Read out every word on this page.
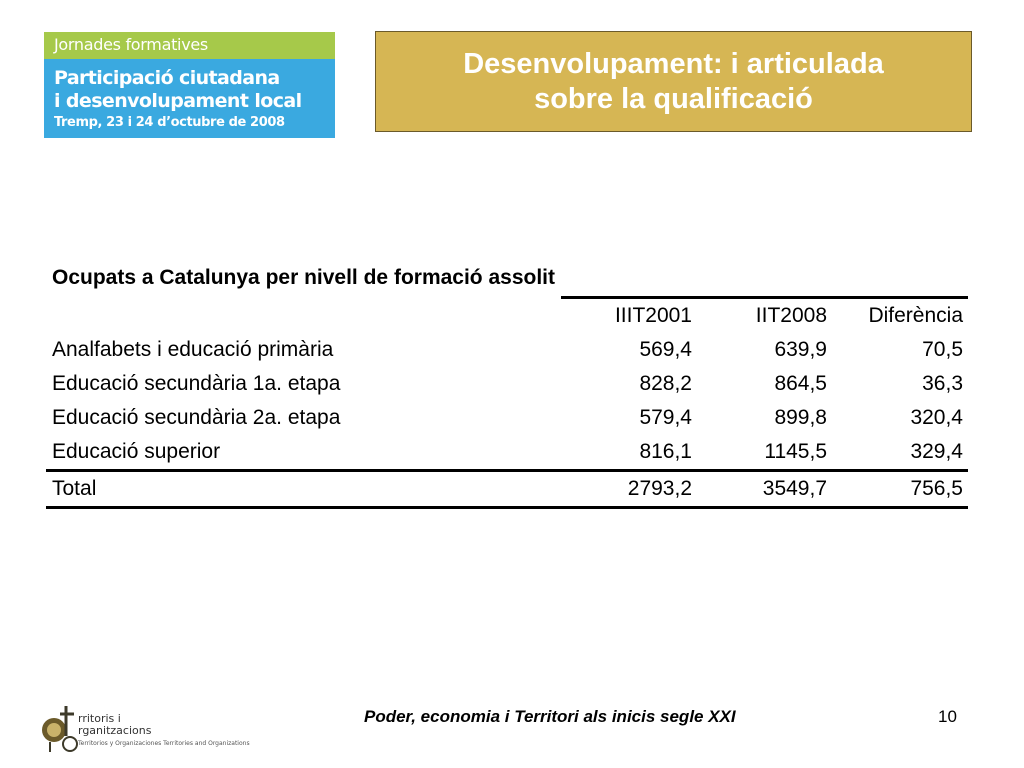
Jornades formatives
Participació ciutadana
i desenvolupament local
Tremp, 23 i 24 d’octubre de 2008
Desenvolupament: i articulada
sobre la qualificació
Ocupats a Catalunya per nivell de formació assolit
	IIIT2001	IIT2008	Diferència
Analfabets i educació primària	569,4	639,9	70,5
Educació secundària 1a. etapa	828,2	864,5	36,3
Educació secundària 2a. etapa	579,4	899,8	320,4
Educació superior	816,1	1145,5	329,4
Total	2793,2	3549,7	756,5
rritoris i
rganitzacions
Territorios y Organizaciones Territories and Organizations
Poder, economia i Territori als inicis segle XXI	10
